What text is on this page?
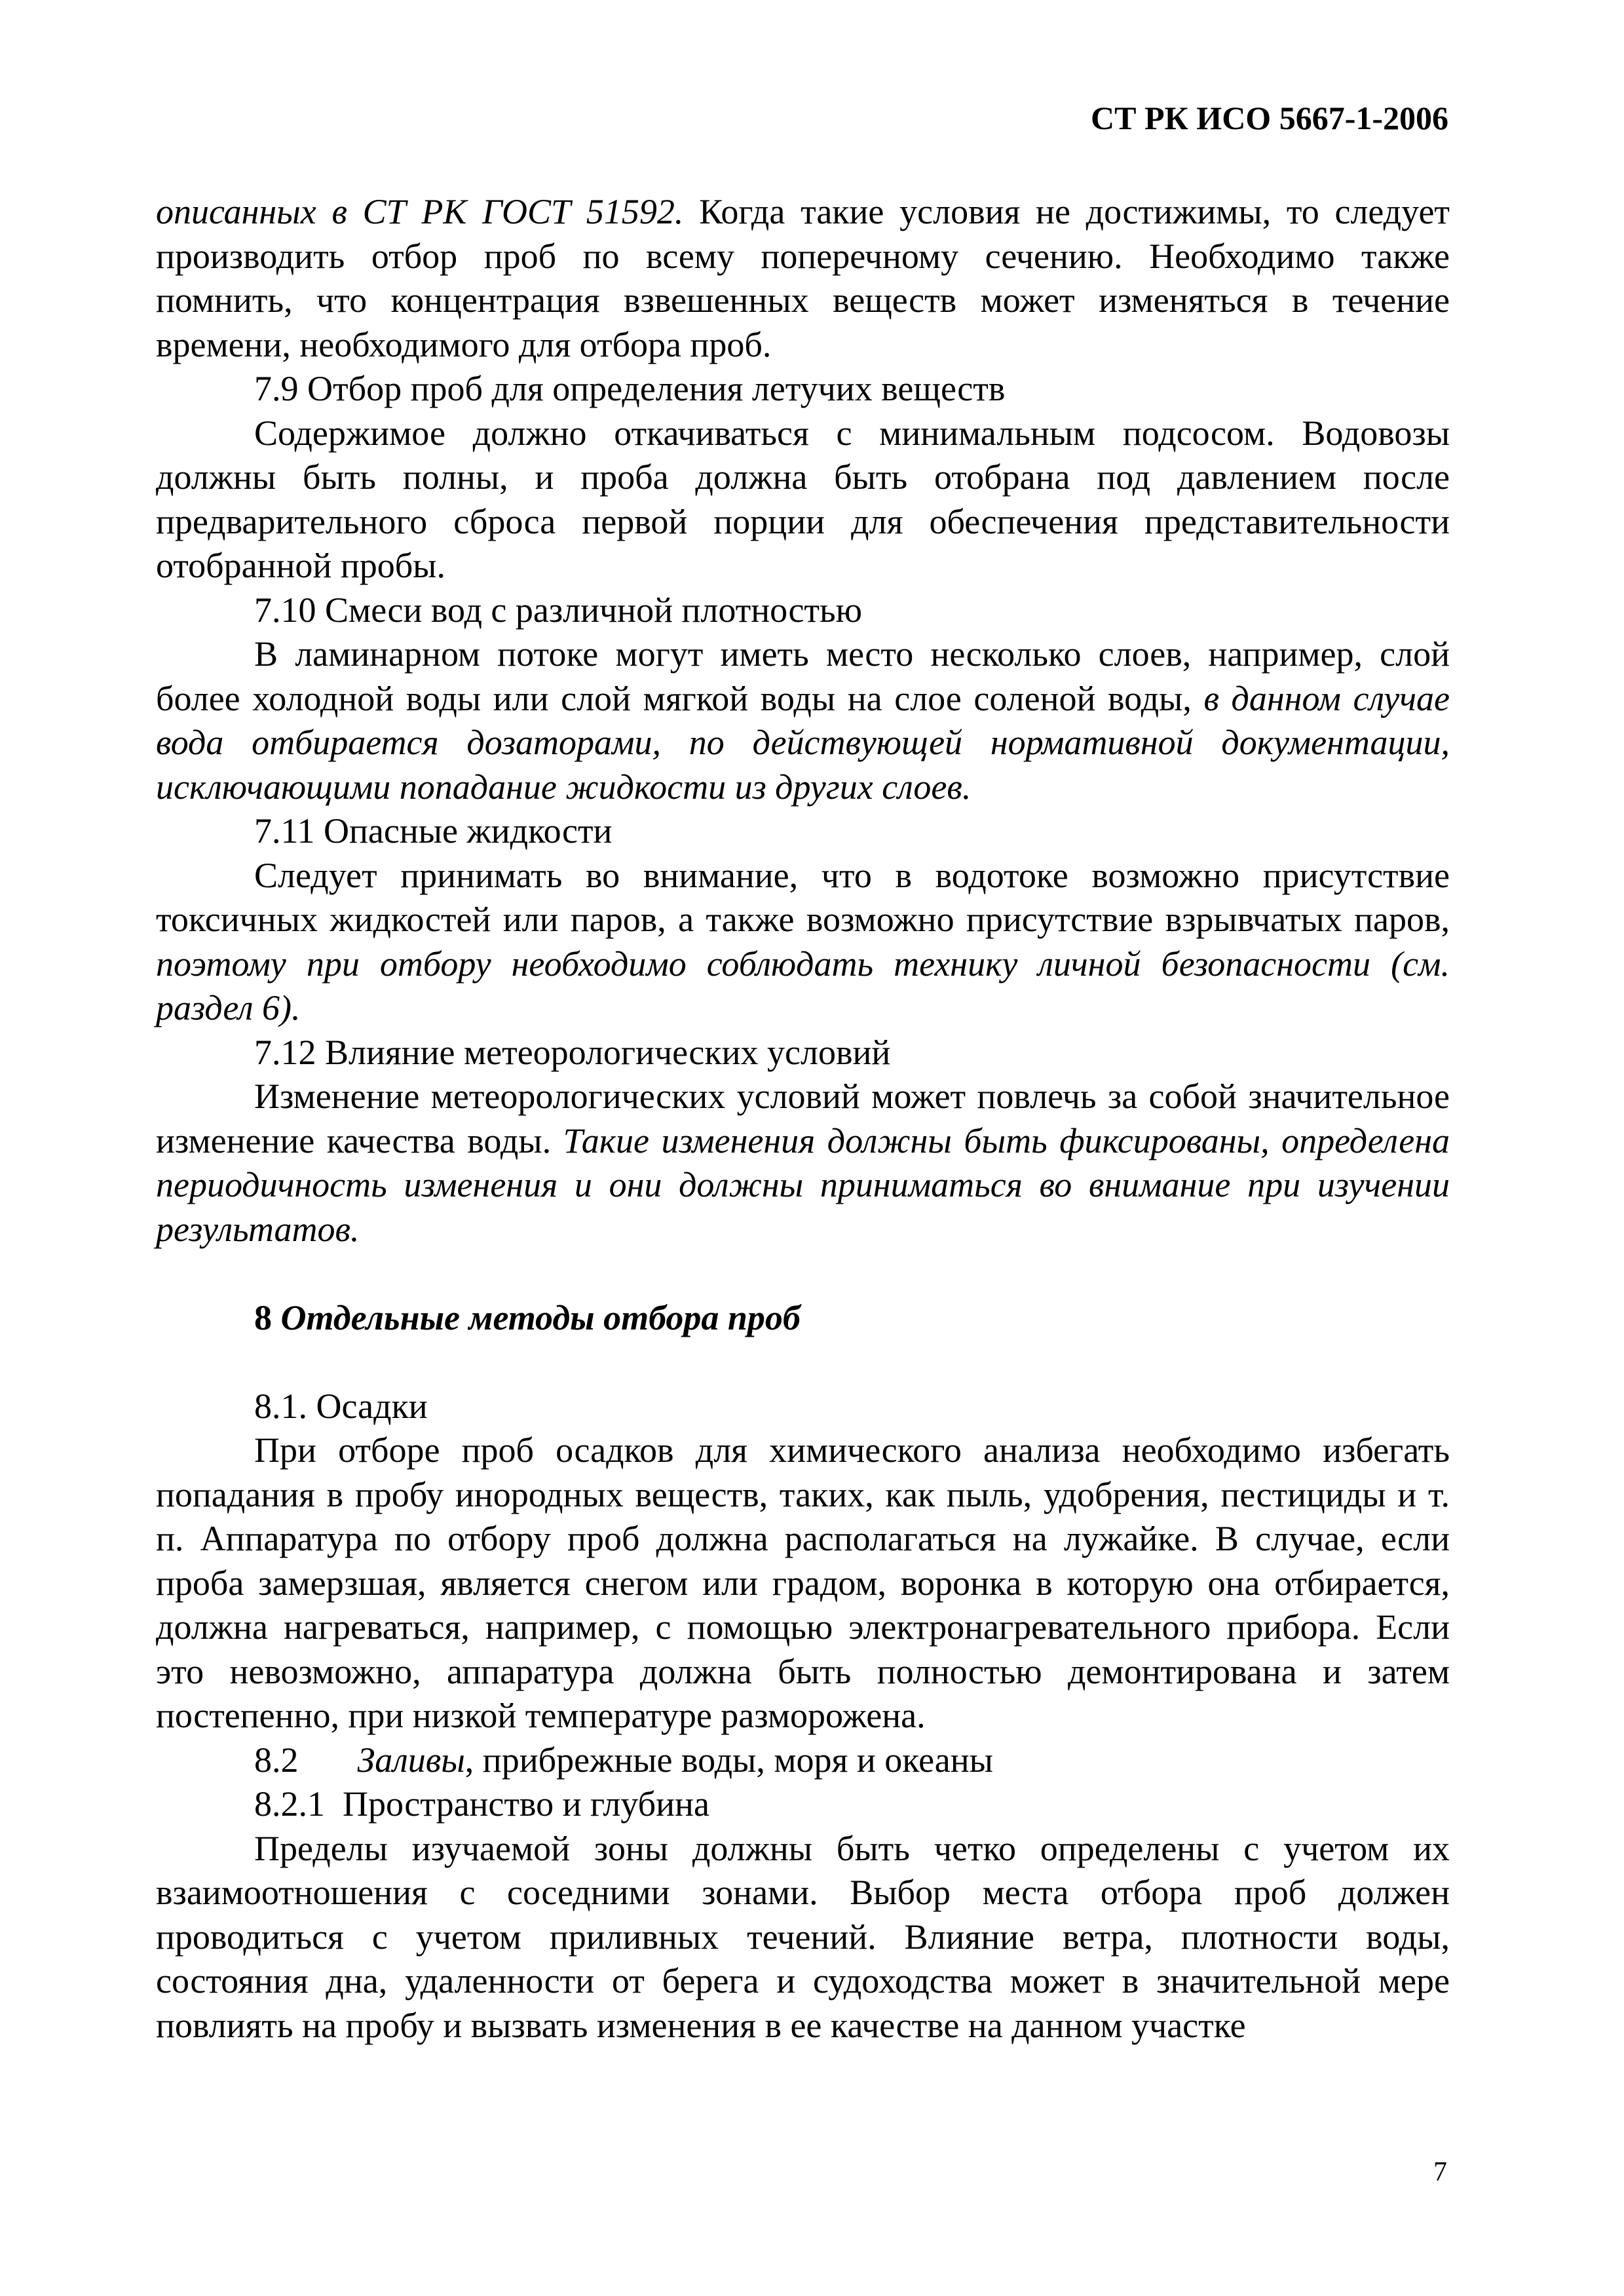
СТ РК ИСО 5667-1-2006

описанных в СТ РК ГОСТ 51592. Когда такие условия не достижимы, то следует производить отбор проб по всему поперечному сечению. Необходимо также помнить, что концентрация взвешенных веществ может изменяться в течение времени, необходимого для отбора проб.

7.9 Отбор проб для определения летучих веществ

Содержимое должно откачиваться с минимальным подсосом. Водовозы должны быть полны, и проба должна быть отобрана под давлением после предварительного сброса первой порции для обеспечения представительности отобранной пробы.

7.10 Смеси вод с различной плотностью

В ламинарном потоке могут иметь место несколько слоев, например, слой более холодной воды или слой мягкой воды на слое соленой воды, в данном случае вода отбирается дозаторами, по действующей нормативной документации, исключающими попадание жидкости из других слоев.

7.11 Опасные жидкости

Следует принимать во внимание, что в водотоке возможно присутствие токсичных жидкостей или паров, а также возможно присутствие взрывчатых паров, поэтому при отбору необходимо соблюдать технику личной безопасности (см. раздел 6).

7.12 Влияние метеорологических условий

Изменение метеорологических условий может повлечь за собой значительное изменение качества воды. Такие изменения должны быть фиксированы, определена периодичность изменения и они должны приниматься во внимание при изучении результатов.

8 Отдельные методы отбора проб

8.1. Осадки

При отборе проб осадков для химического анализа необходимо избегать попадания в пробу инородных веществ, таких, как пыль, удобрения, пестициды и т. п. Аппаратура по отбору проб должна располагаться на лужайке. В случае, если проба замерзшая, является снегом или градом, воронка в которую она отбирается, должна нагреваться, например, с помощью электронагревательного прибора. Если это невозможно, аппаратура должна быть полностью демонтирована и затем постепенно, при низкой температуре разморожена.

8.2 Заливы, прибрежные воды, моря и океаны

8.2.1 Пространство и глубина

Пределы изучаемой зоны должны быть четко определены с учетом их взаимоотношения с соседними зонами. Выбор места отбора проб должен проводиться с учетом приливных течений. Влияние ветра, плотности воды, состояния дна, удаленности от берега и судоходства может в значительной мере повлиять на пробу и вызвать изменения в ее качестве на данном участке

7
